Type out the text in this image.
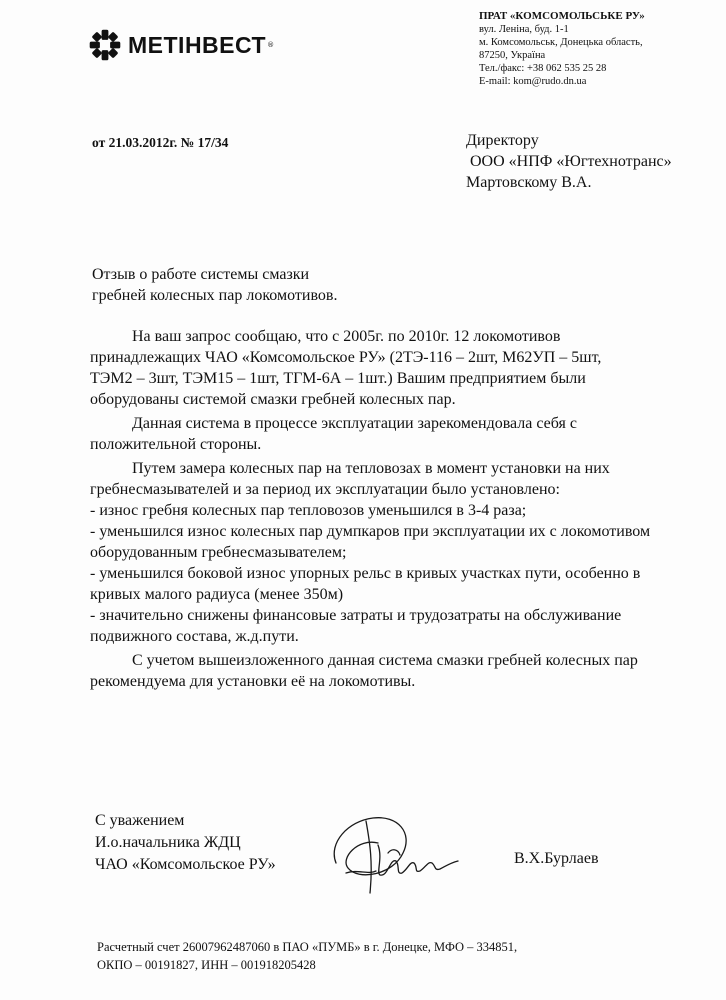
МЕТІНВЕСТ ®
ПРАТ «КОМСОМОЛЬСЬКЕ РУ»
вул. Леніна, буд. 1-1
м. Комсомольськ, Донецька область,
87250, Україна
Тел./факс: +38 062 535 25 28
E-mail: kom@rudo.dn.ua
от 21.03.2012г. № 17/34	Директору
ООО «НПФ «Югтехнотранс»
Мартовскому В.А.
Отзыв о работе системы смазки
гребней колесных пар локомотивов.
На ваш запрос сообщаю, что с 2005г. по 2010г. 12 локомотивов
принадлежащих ЧАО «Комсомольское РУ» (2ТЭ-116 – 2шт, М62УП – 5шт,
ТЭМ2 – 3шт, ТЭМ15 – 1шт, ТГМ-6А – 1шт.) Вашим предприятием были
оборудованы системой смазки гребней колесных пар.
Данная система в процессе эксплуатации зарекомендовала себя с
положительной стороны.
Путем замера колесных пар на тепловозах в момент установки на них
гребнесмазывателей и за период их эксплуатации было установлено:
- износ гребня колесных пар тепловозов уменьшился в 3-4 раза;
- уменьшился износ колесных пар думпкаров при эксплуатации их с локомотивом
оборудованным гребнесмазывателем;
- уменьшился боковой износ упорных рельс в кривых участках пути, особенно в
кривых малого радиуса (менее 350м)
- значительно снижены финансовые затраты и трудозатраты на обслуживание
подвижного состава, ж.д.пути.
С учетом вышеизложенного данная система смазки гребней колесных пар
рекомендуема для установки её на локомотивы.
С уважением
И.о.начальника ЖДЦ
ЧАО «Комсомольское РУ»	В.Х.Бурлаев
Расчетный счет 26007962487060 в ПАО «ПУМБ» в г. Донецке, МФО – 334851,
ОКПО – 00191827, ИНН – 001918205428
